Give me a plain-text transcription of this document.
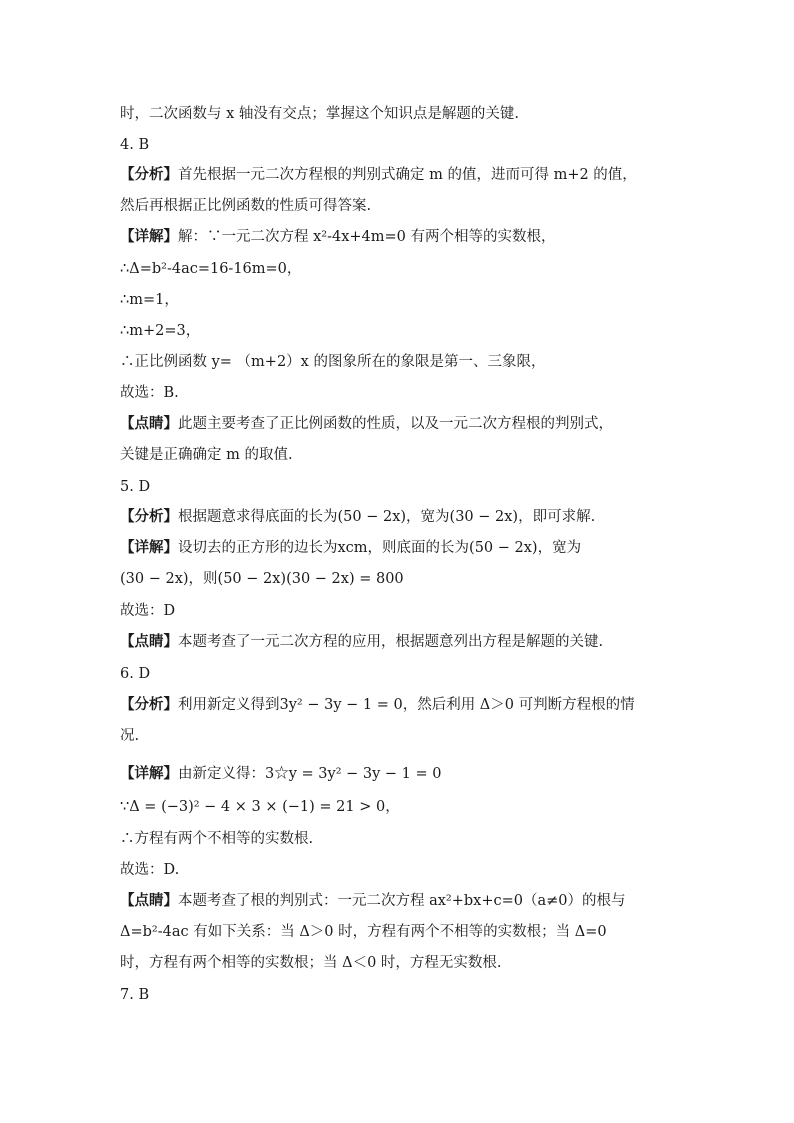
时，二次函数与 x 轴没有交点；掌握这个知识点是解题的关键.
4. B
【分析】首先根据一元二次方程根的判别式确定 m 的值，进而可得 m+2 的值，
然后再根据正比例函数的性质可得答案.
【详解】解：∵一元二次方程 x²-4x+4m=0 有两个相等的实数根，
∴Δ=b²-4ac=16-16m=0，
∴m=1，
∴m+2=3，
∴正比例函数 y= （m+2）x 的图象所在的象限是第一、三象限，
故选：B.
【点睛】此题主要考查了正比例函数的性质，以及一元二次方程根的判别式，
关键是正确确定 m 的取值.
5. D
【分析】根据题意求得底面的长为(50 − 2x)，宽为(30 − 2x)，即可求解.
【详解】设切去的正方形的边长为xcm，则底面的长为(50 − 2x)，宽为
(30 − 2x)，则(50 − 2x)(30 − 2x) = 800
故选：D
【点睛】本题考查了一元二次方程的应用，根据题意列出方程是解题的关键.
6. D
【分析】利用新定义得到3y² − 3y − 1 = 0，然后利用 Δ＞0 可判断方程根的情
况.
【详解】由新定义得：3☆y = 3y² − 3y − 1 = 0
∵Δ = (−3)² − 4 × 3 × (−1) = 21 > 0，
∴方程有两个不相等的实数根.
故选：D.
【点睛】本题考查了根的判别式：一元二次方程 ax²+bx+c=0（a≠0）的根与
Δ=b²-4ac 有如下关系：当 Δ＞0 时，方程有两个不相等的实数根；当 Δ=0
时，方程有两个相等的实数根；当 Δ＜0 时，方程无实数根.
7. B
